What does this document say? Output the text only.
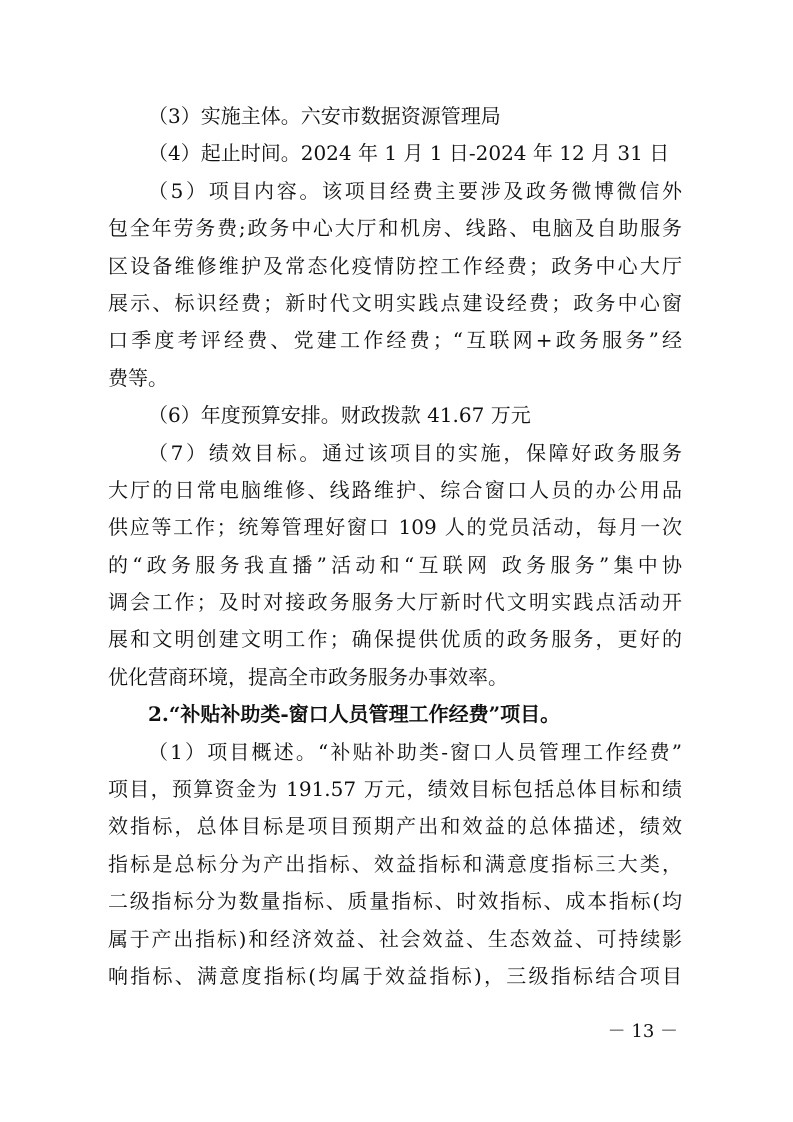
（3）实施主体。六安市数据资源管理局
（4）起止时间。2024 年 1 月 1 日-2024 年 12 月 31 日
（5）项目内容。该项目经费主要涉及政务微博微信外
包全年劳务费;政务中心大厅和机房、线路、电脑及自助服务
区设备维修维护及常态化疫情防控工作经费；政务中心大厅
展示、标识经费；新时代文明实践点建设经费；政务中心窗
口季度考评经费、党建工作经费；“互联网+政务服务”经
费等。
（6）年度预算安排。财政拨款 41.67 万元
（7）绩效目标。通过该项目的实施，保障好政务服务
大厅的日常电脑维修、线路维护、综合窗口人员的办公用品
供应等工作；统筹管理好窗口 109 人的党员活动，每月一次
的“政务服务我直播”活动和“互联网 政务服务”集中协
调会工作；及时对接政务服务大厅新时代文明实践点活动开
展和文明创建文明工作；确保提供优质的政务服务，更好的
优化营商环境，提高全市政务服务办事效率。
2.“补贴补助类-窗口人员管理工作经费”项目。
（1）项目概述。“补贴补助类-窗口人员管理工作经费”
项目，预算资金为 191.57 万元，绩效目标包括总体目标和绩
效指标，总体目标是项目预期产出和效益的总体描述，绩效
指标是总标分为产出指标、效益指标和满意度指标三大类，
二级指标分为数量指标、质量指标、时效指标、成本指标(均
属于产出指标)和经济效益、社会效益、生态效益、可持续影
响指标、满意度指标(均属于效益指标)，三级指标结合项目
－ 13 －
